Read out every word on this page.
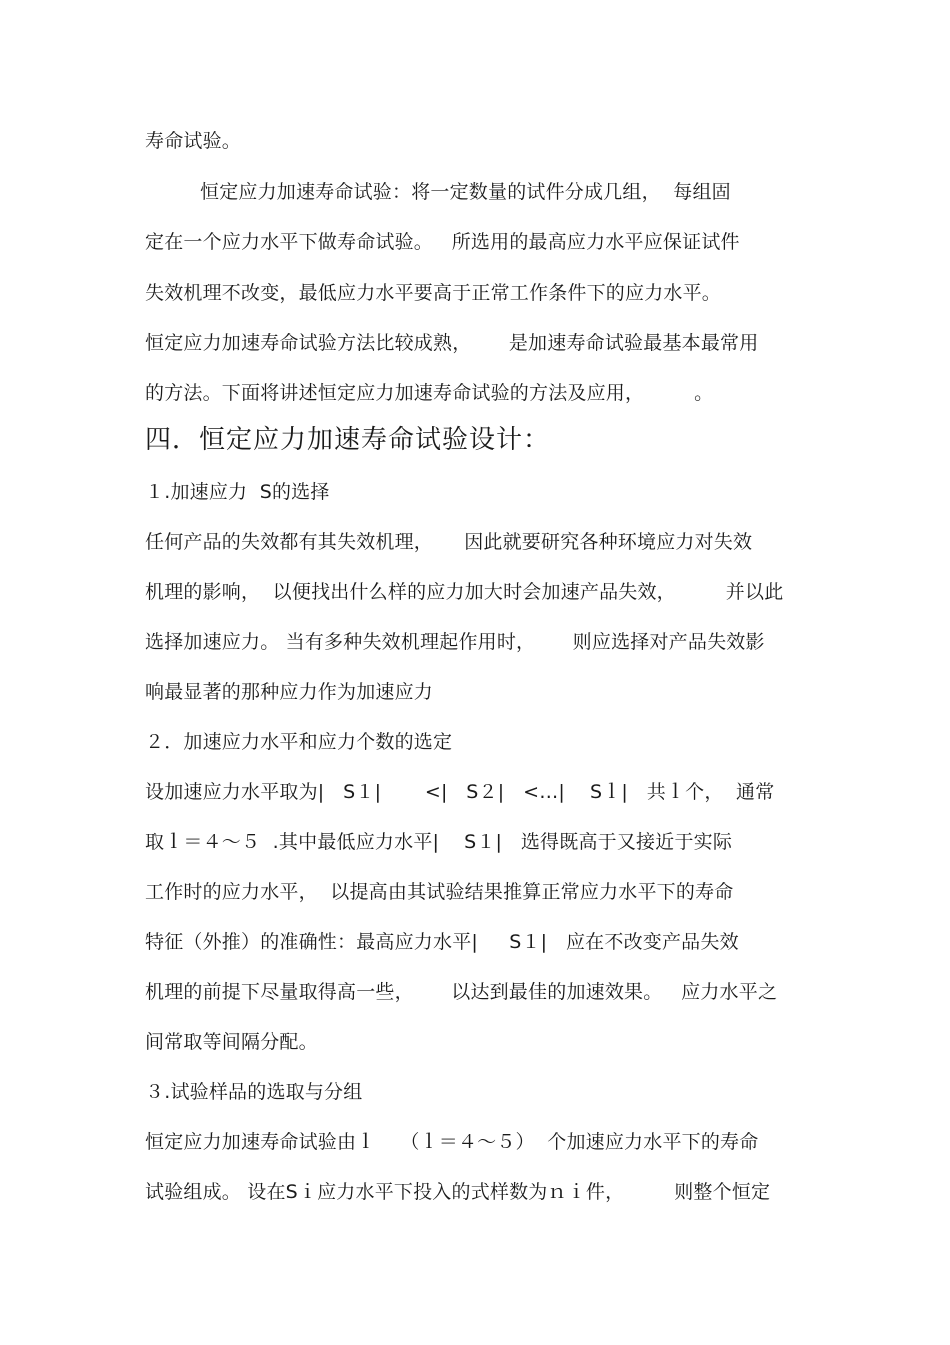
寿命试验。
恒定应力加速寿命试验：将一定数量的试件分成几组，  每组固
定在一个应力水平下做寿命试验。   所选用的最高应力水平应保证试件
失效机理不改变，最低应力水平要高于正常工作条件下的应力水平。
恒定应力加速寿命试验方法比较成熟，      是加速寿命试验最基本最常用
的方法。下面将讲述恒定应力加速寿命试验的方法及应用，        。
四．恒定应力加速寿命试验设计：
１.加速应力  S的选择
任何产品的失效都有其失效机理，     因此就要研究各种环境应力对失效
机理的影响，  以便找出什么样的应力加大时会加速产品失效，        并以此
选择加速应力。 当有多种失效机理起作用时，      则应选择对产品失效影
响最显著的那种应力作为加速应力
２．加速应力水平和应力个数的选定
设加速应力水平取为|   S１|       <|   S２|   <…|    Sｌ|   共ｌ个，  通常
取ｌ＝４～５  .其中最低应力水平|    S１|   选得既高于又接近于实际
工作时的应力水平，  以提高由其试验结果推算正常应力水平下的寿命
特征（外推）的准确性：最高应力水平|     S１|   应在不改变产品失效
机理的前提下尽量取得高一些，      以达到最佳的加速效果。   应力水平之
间常取等间隔分配。
３.试验样品的选取与分组
恒定应力加速寿命试验由ｌ    （ｌ＝４～５）  个加速应力水平下的寿命
试验组成。 设在Sｉ应力水平下投入的式样数为ｎｉ件，        则整个恒定
